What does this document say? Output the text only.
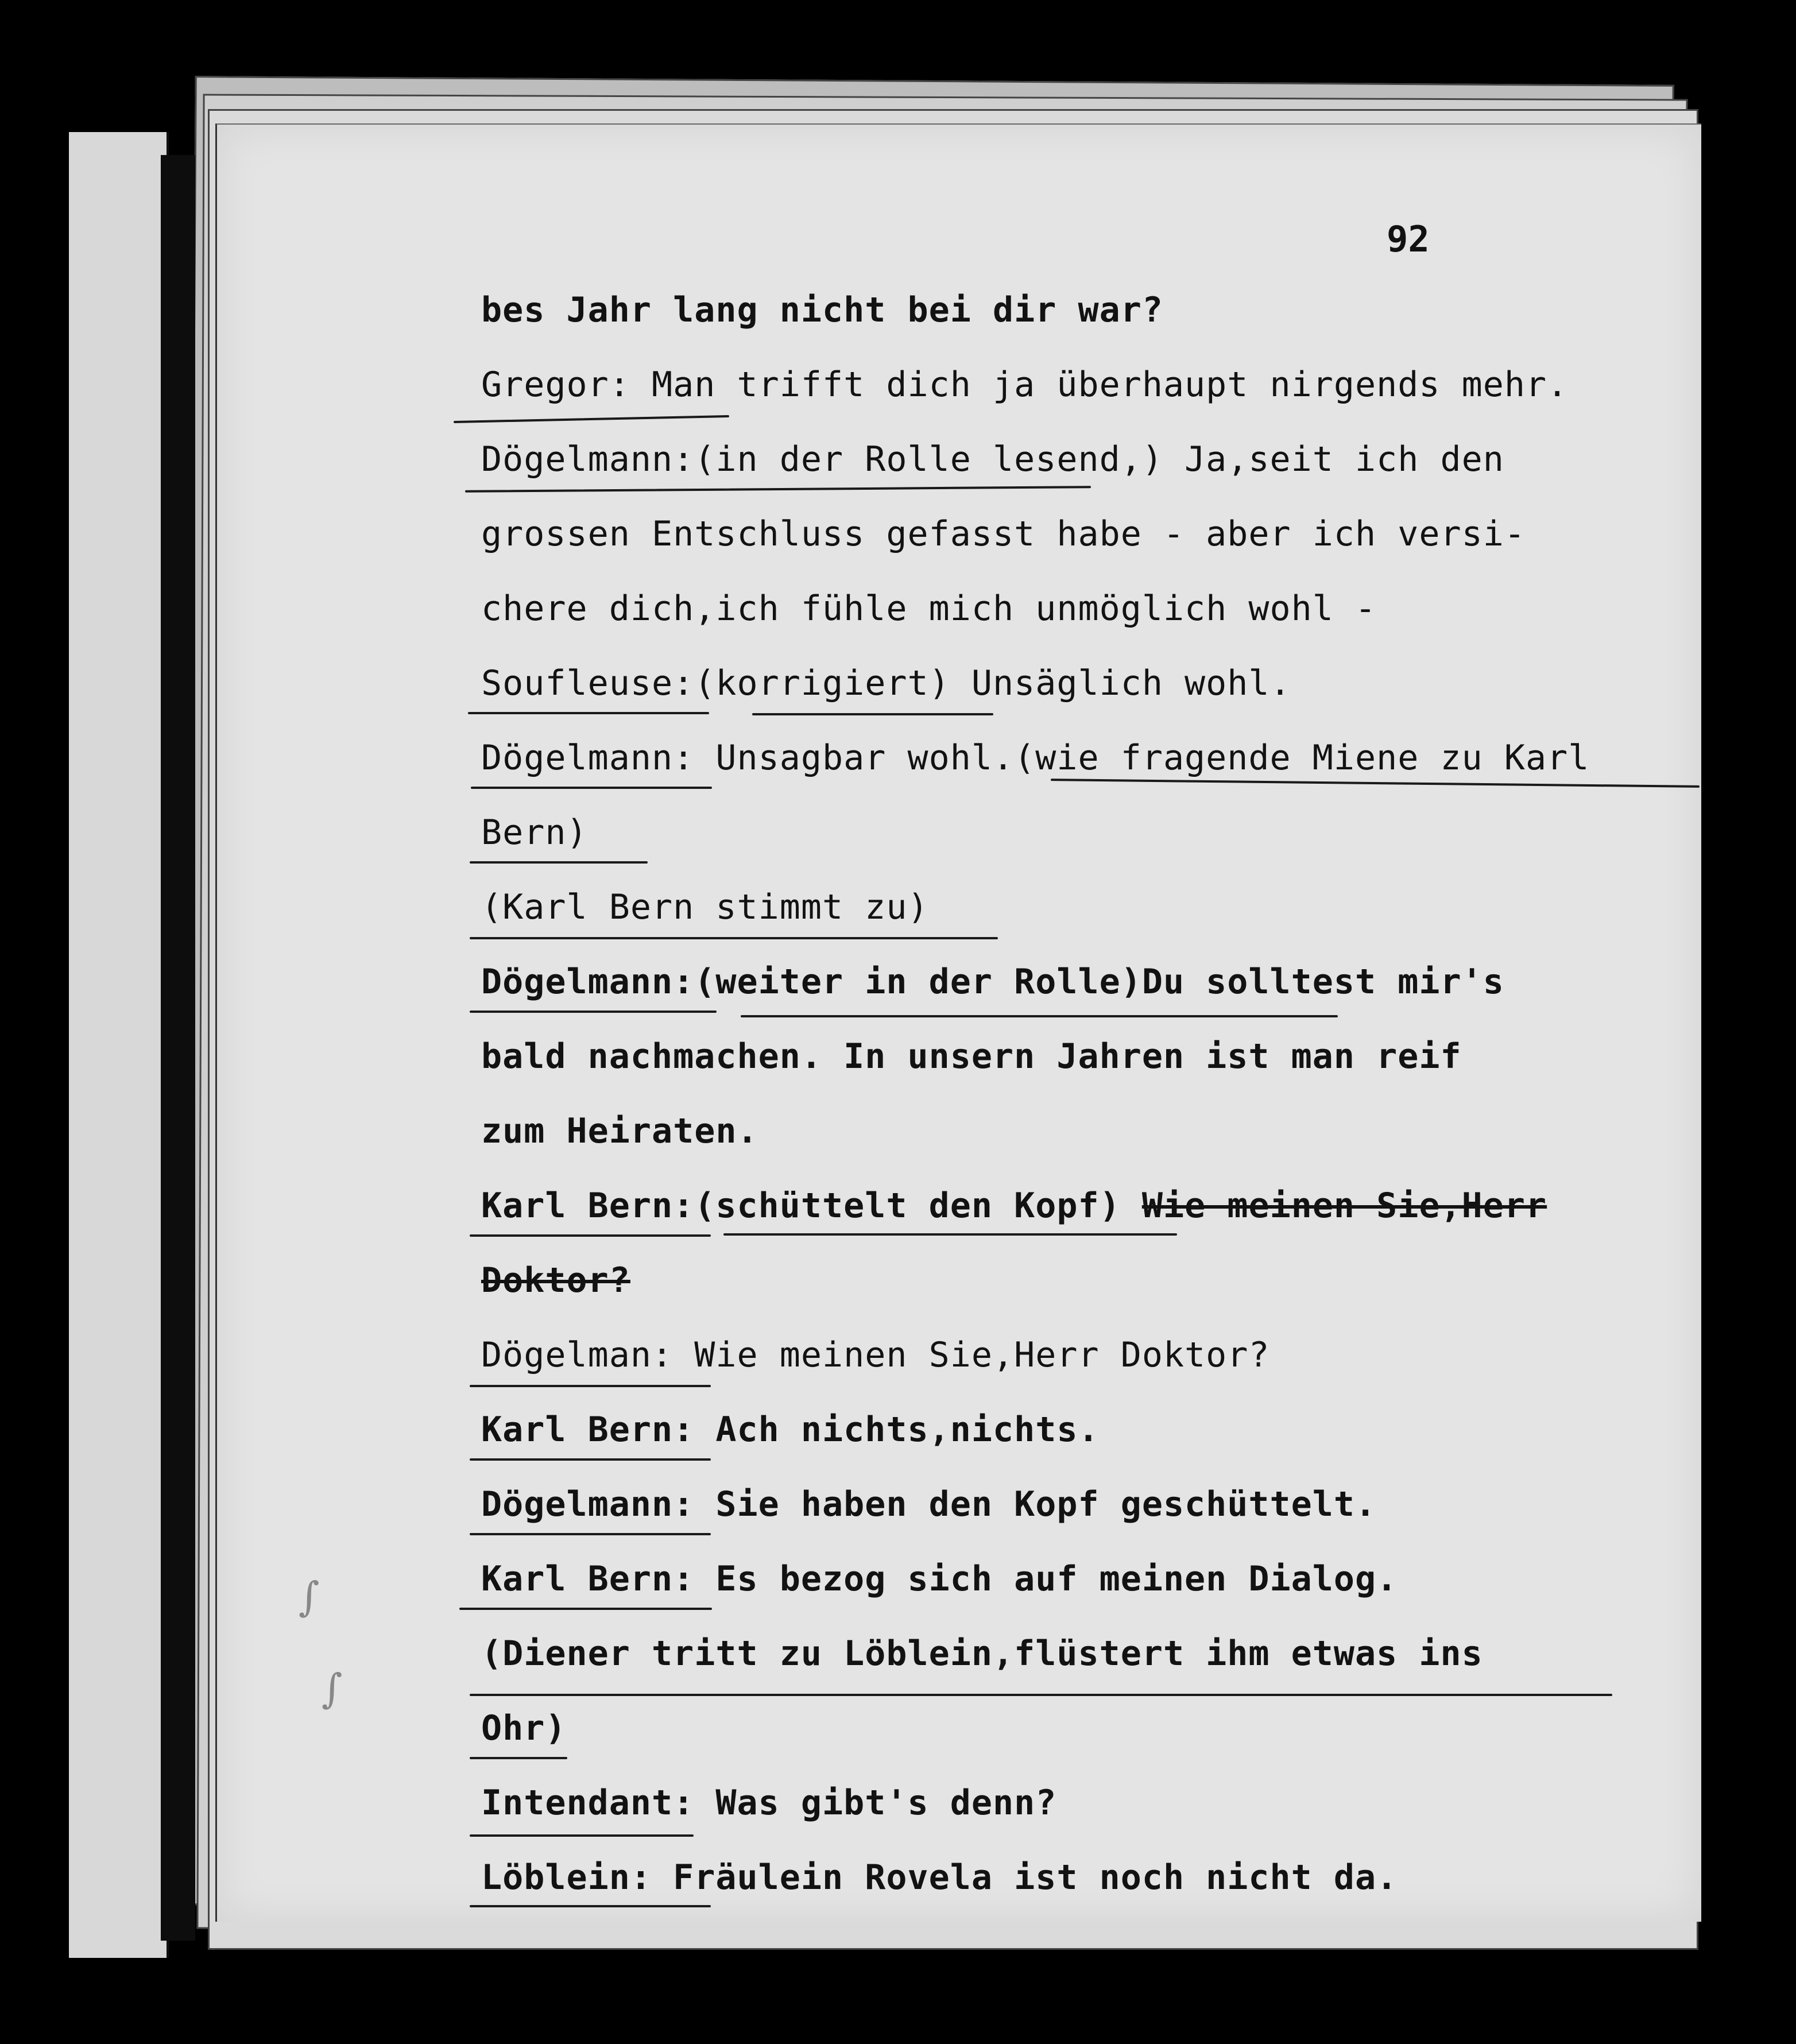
92
bes Jahr lang nicht bei dir war?
Gregor: Man trifft dich ja überhaupt nirgends mehr.
Dögelmann:(in der Rolle lesend,) Ja,seit ich den
grossen Entschluss gefasst habe - aber ich versi-
chere dich,ich fühle mich unmöglich wohl -
Soufleuse:(korrigiert) Unsäglich wohl.
Dögelmann: Unsagbar wohl.(wie fragende Miene zu Karl
Bern)
(Karl Bern stimmt zu)
Dögelmann:(weiter in der Rolle)Du solltest mir's
bald nachmachen. In unsern Jahren ist man reif
zum Heiraten.
Karl Bern:(schüttelt den Kopf) Wie meinen Sie,Herr
Doktor?
Dögelman: Wie meinen Sie,Herr Doktor?
Karl Bern: Ach nichts,nichts.
Dögelmann: Sie haben den Kopf geschüttelt.
Karl Bern: Es bezog sich auf meinen Dialog.
(Diener tritt zu Löblein,flüstert ihm etwas ins
Ohr)
Intendant: Was gibt's denn?
Löblein: Fräulein Rovela ist noch nicht da.
∫
∫
